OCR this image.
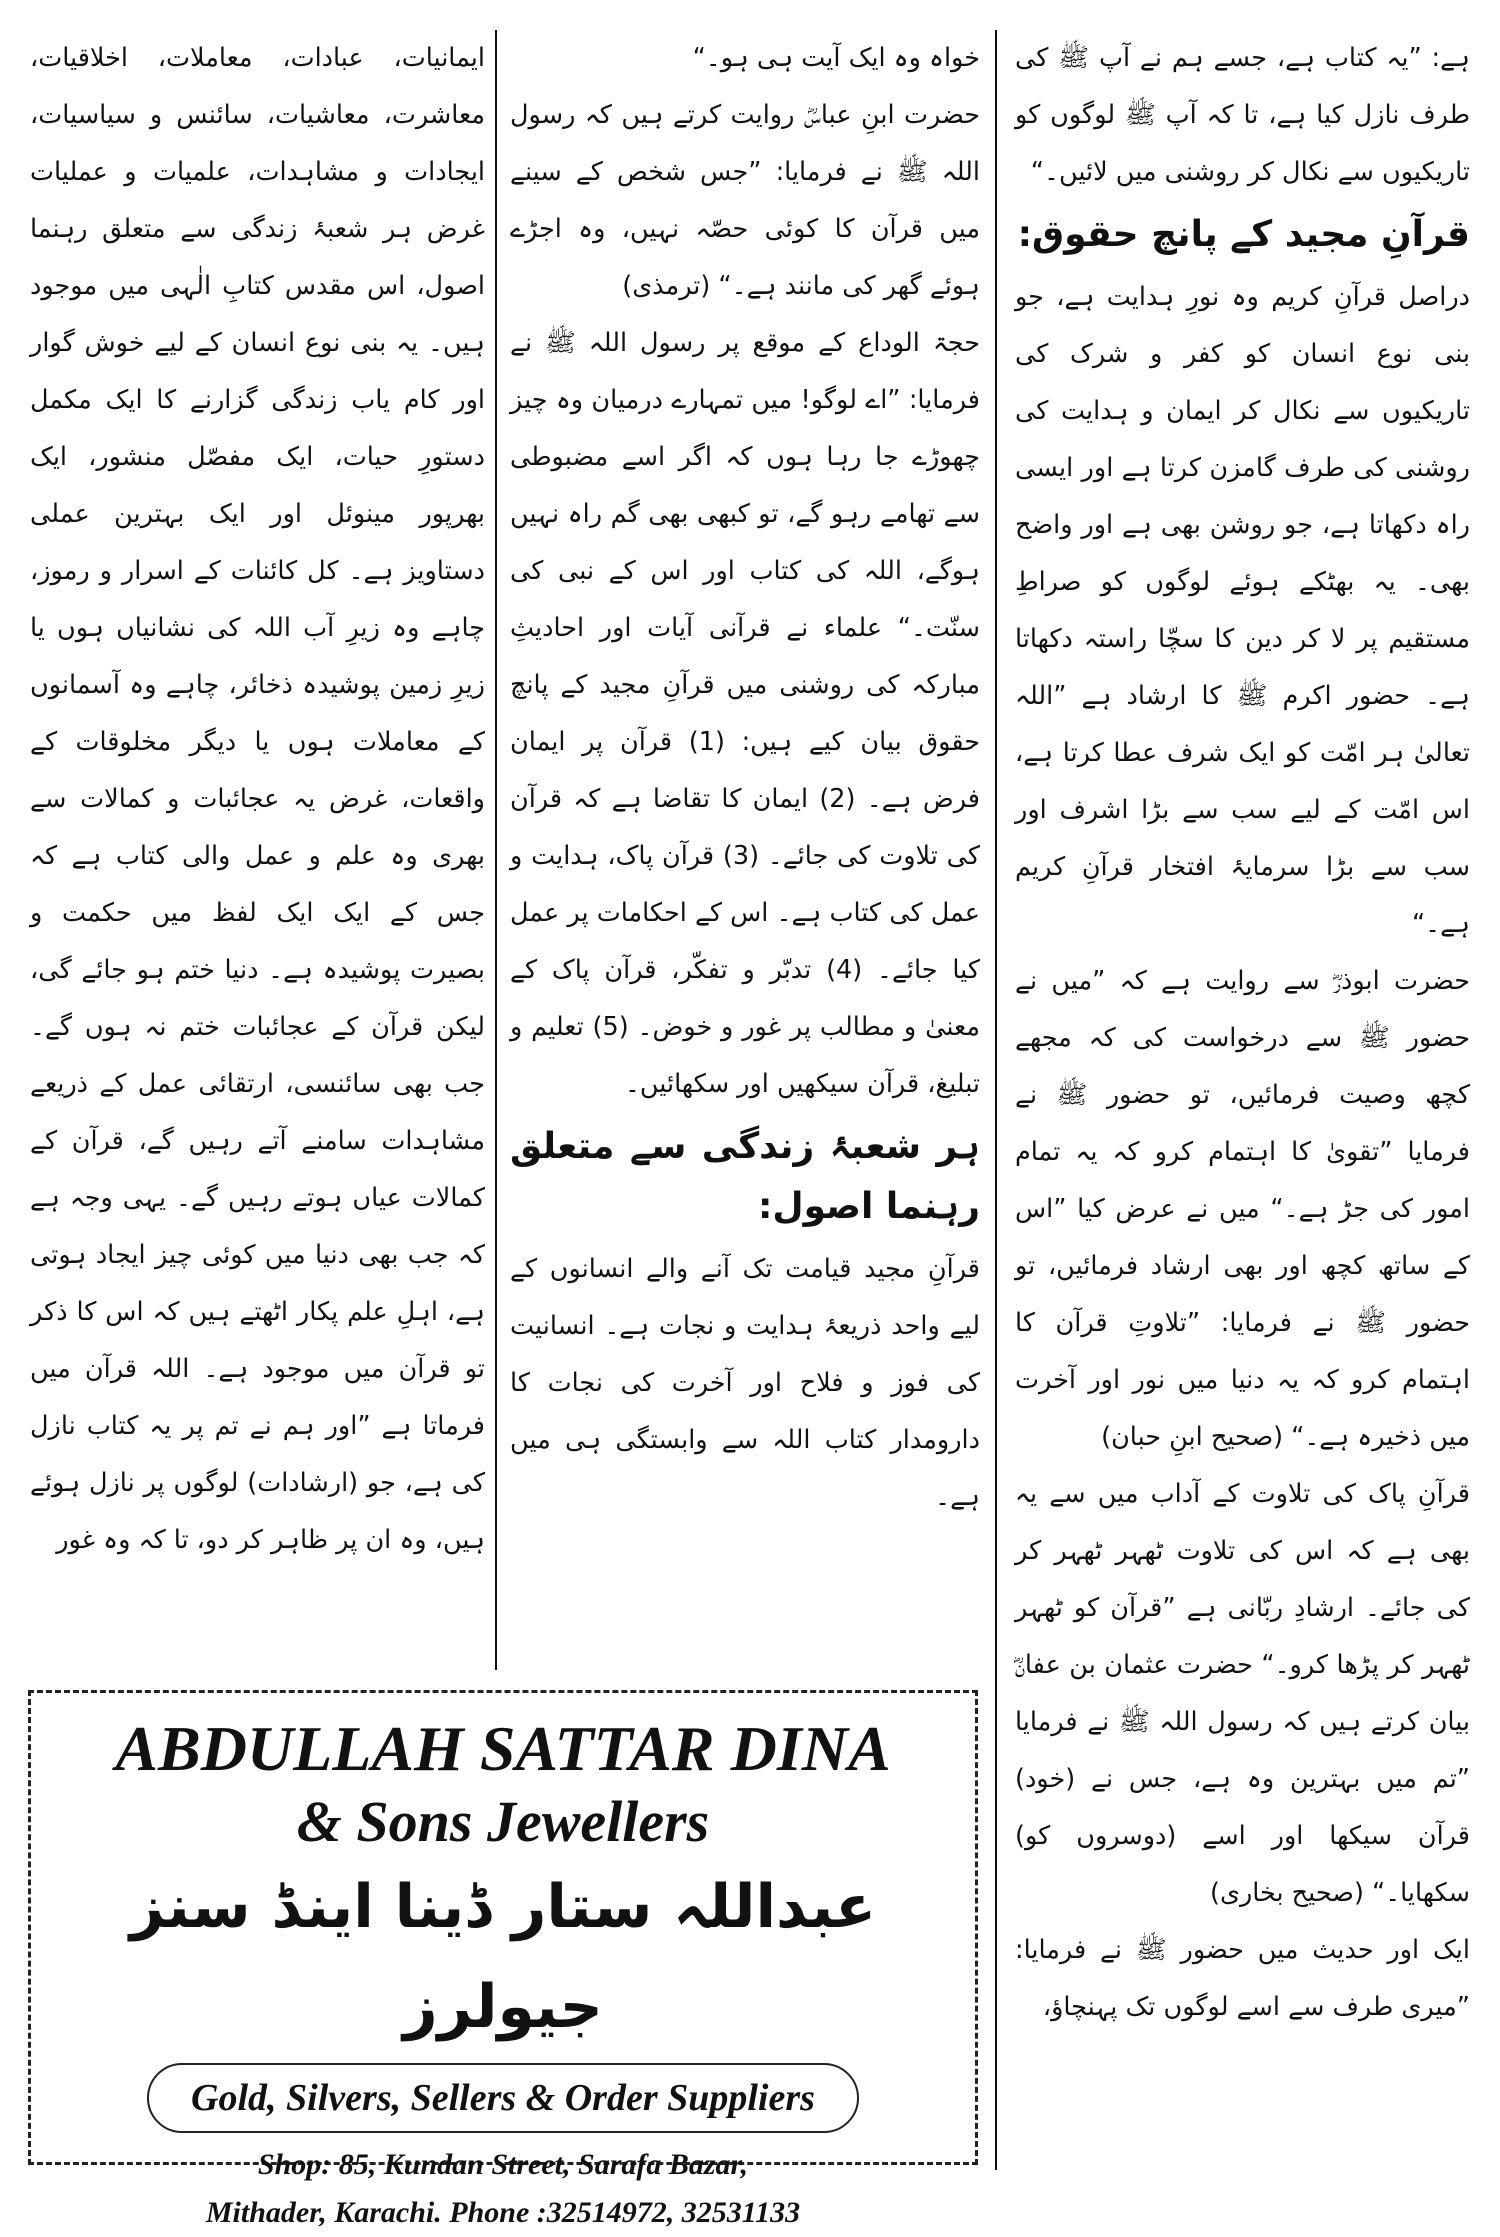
ہے: ”یہ کتاب ہے، جسے ہم نے آپ ﷺ کی طرف نازل کیا ہے، تا کہ آپ ﷺ لوگوں کو تاریکیوں سے نکال کر روشنی میں لائیں۔“

قرآنِ مجید کے پانچ حقوق:

دراصل قرآنِ کریم وہ نورِ ہدایت ہے، جو بنی نوع انسان کو کفر و شرک کی تاریکیوں سے نکال کر ایمان و ہدایت کی روشنی کی طرف گامزن کرتا ہے اور ایسی راہ دکھاتا ہے، جو روشن بھی ہے اور واضح بھی۔ یہ بھٹکے ہوئے لوگوں کو صراطِ مستقیم پر لا کر دین کا سچّا راستہ دکھاتا ہے۔ حضور اکرم ﷺ کا ارشاد ہے ”اللہ تعالیٰ ہر امّت کو ایک شرف عطا کرتا ہے، اس امّت کے لیے سب سے بڑا اشرف اور سب سے بڑا سرمایۂ افتخار قرآنِ کریم ہے۔“

حضرت ابوذرؓ سے روایت ہے کہ ”میں نے حضور ﷺ سے درخواست کی کہ مجھے کچھ وصیت فرمائیں، تو حضور ﷺ نے فرمایا ”تقویٰ کا اہتمام کرو کہ یہ تمام امور کی جڑ ہے۔“ میں نے عرض کیا ”اس کے ساتھ کچھ اور بھی ارشاد فرمائیں، تو حضور ﷺ نے فرمایا: ”تلاوتِ قرآن کا اہتمام کرو کہ یہ دنیا میں نور اور آخرت میں ذخیرہ ہے۔“ (صحیح ابنِ حبان)

قرآنِ پاک کی تلاوت کے آداب میں سے یہ بھی ہے کہ اس کی تلاوت ٹھہر ٹھہر کر کی جائے۔ ارشادِ ربّانی ہے ”قرآن کو ٹھہر ٹھہر کر پڑھا کرو۔“ حضرت عثمان بن عفانؓ بیان کرتے ہیں کہ رسول اللہ ﷺ نے فرمایا ”تم میں بہترین وہ ہے، جس نے (خود) قرآن سیکھا اور اسے (دوسروں کو) سکھایا۔“ (صحیح بخاری)

ایک اور حدیث میں حضور ﷺ نے فرمایا: ”میری طرف سے اسے لوگوں تک پہنچاؤ،

خواہ وہ ایک آیت ہی ہو۔“

حضرت ابنِ عباسؓ روایت کرتے ہیں کہ رسول اللہ ﷺ نے فرمایا: ”جس شخص کے سینے میں قرآن کا کوئی حصّہ نہیں، وہ اجڑے ہوئے گھر کی مانند ہے۔“ (ترمذی)

حجۃ الوداع کے موقع پر رسول اللہ ﷺ نے فرمایا: ”اے لوگو! میں تمہارے درمیان وہ چیز چھوڑے جا رہا ہوں کہ اگر اسے مضبوطی سے تھامے رہو گے، تو کبھی بھی گم راہ نہیں ہوگے، اللہ کی کتاب اور اس کے نبی کی سنّت۔“ علماء نے قرآنی آیات اور احادیثِ مبارکہ کی روشنی میں قرآنِ مجید کے پانچ حقوق بیان کیے ہیں: (1) قرآن پر ایمان فرض ہے۔ (2) ایمان کا تقاضا ہے کہ قرآن کی تلاوت کی جائے۔ (3) قرآن پاک، ہدایت و عمل کی کتاب ہے۔ اس کے احکامات پر عمل کیا جائے۔ (4) تدبّر و تفکّر، قرآن پاک کے معنیٰ و مطالب پر غور و خوض۔ (5) تعلیم و تبلیغ، قرآن سیکھیں اور سکھائیں۔

ہر شعبۂ زندگی سے متعلق رہنما اصول:

قرآنِ مجید قیامت تک آنے والے انسانوں کے لیے واحد ذریعۂ ہدایت و نجات ہے۔ انسانیت کی فوز و فلاح اور آخرت کی نجات کا دارومدار کتاب اللہ سے وابستگی ہی میں ہے۔

ایمانیات، عبادات، معاملات، اخلاقیات، معاشرت، معاشیات، سائنس و سیاسیات، ایجادات و مشاہدات، علمیات و عملیات غرض ہر شعبۂ زندگی سے متعلق رہنما اصول، اس مقدس کتابِ الٰہی میں موجود ہیں۔ یہ بنی نوع انسان کے لیے خوش گوار اور کام یاب زندگی گزارنے کا ایک مکمل دستورِ حیات، ایک مفصّل منشور، ایک بھرپور مینوئل اور ایک بہترین عملی دستاویز ہے۔ کل کائنات کے اسرار و رموز، چاہے وہ زیرِ آب اللہ کی نشانیاں ہوں یا زیرِ زمین پوشیدہ ذخائر، چاہے وہ آسمانوں کے معاملات ہوں یا دیگر مخلوقات کے واقعات، غرض یہ عجائبات و کمالات سے بھری وہ علم و عمل والی کتاب ہے کہ جس کے ایک ایک لفظ میں حکمت و بصیرت پوشیدہ ہے۔ دنیا ختم ہو جائے گی، لیکن قرآن کے عجائبات ختم نہ ہوں گے۔ جب بھی سائنسی، ارتقائی عمل کے ذریعے مشاہدات سامنے آتے رہیں گے، قرآن کے کمالات عیاں ہوتے رہیں گے۔ یہی وجہ ہے کہ جب بھی دنیا میں کوئی چیز ایجاد ہوتی ہے، اہلِ علم پکار اٹھتے ہیں کہ اس کا ذکر تو قرآن میں موجود ہے۔ اللہ قرآن میں فرماتا ہے ”اور ہم نے تم پر یہ کتاب نازل کی ہے، جو (ارشادات) لوگوں پر نازل ہوئے ہیں، وہ ان پر ظاہر کر دو، تا کہ وہ غور

ABDULLAH SATTAR DINA
& Sons Jewellers
عبداللہ ستار ڈینا اینڈ سنز جیولرز
Gold, Silvers, Sellers & Order Suppliers
Shop: 85, Kundan Street, Sarafa Bazar,
Mithader, Karachi. Phone :32514972, 32531133
